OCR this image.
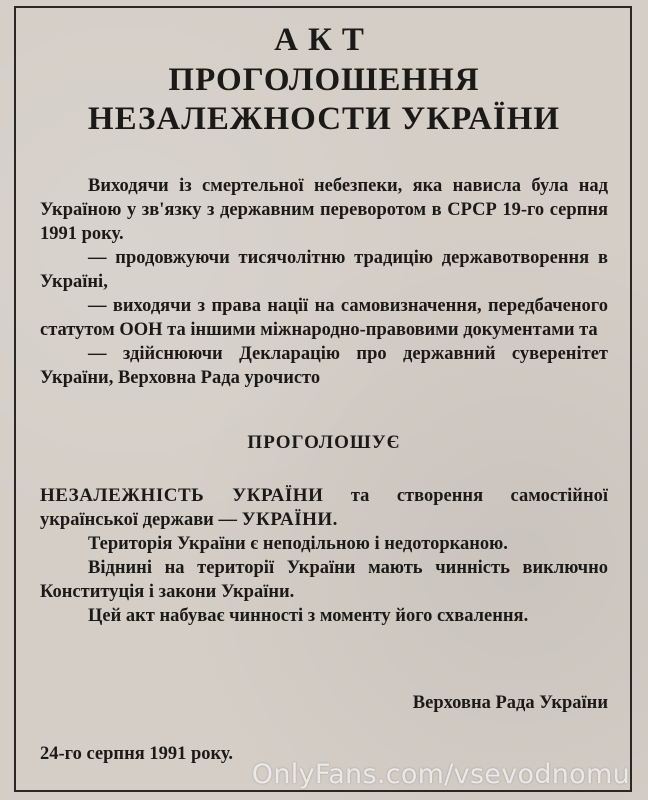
АКТ
ПРОГОЛОШЕННЯ
НЕЗАЛЕЖНОСТИ УКРАЇНИ

Виходячи із смертельної небезпеки, яка нависла була над Україною у зв'язку з державним переворотом в СРСР 19-го серпня 1991 року.

— продовжуючи тисячолітню традицію державотворення в Україні,

— виходячи з права нації на самовизначення, передбаченого статутом ООН та іншими міжнародно-правовими документами та

— здійснюючи Декларацію про державний суверенітет України, Верховна Рада урочисто

ПРОГОЛОШУЄ

НЕЗАЛЕЖНІСТЬ УКРАЇНИ та створення самостійної української держави — УКРАЇНИ.

Територія України є неподільною і недоторканою.

Віднині на території України мають чинність виключно Конституція і закони України.

Цей акт набуває чинності з моменту його схвалення.

Верховна Рада України
24-го серпня 1991 року.
OnlyFans.com/vsevodnomu
